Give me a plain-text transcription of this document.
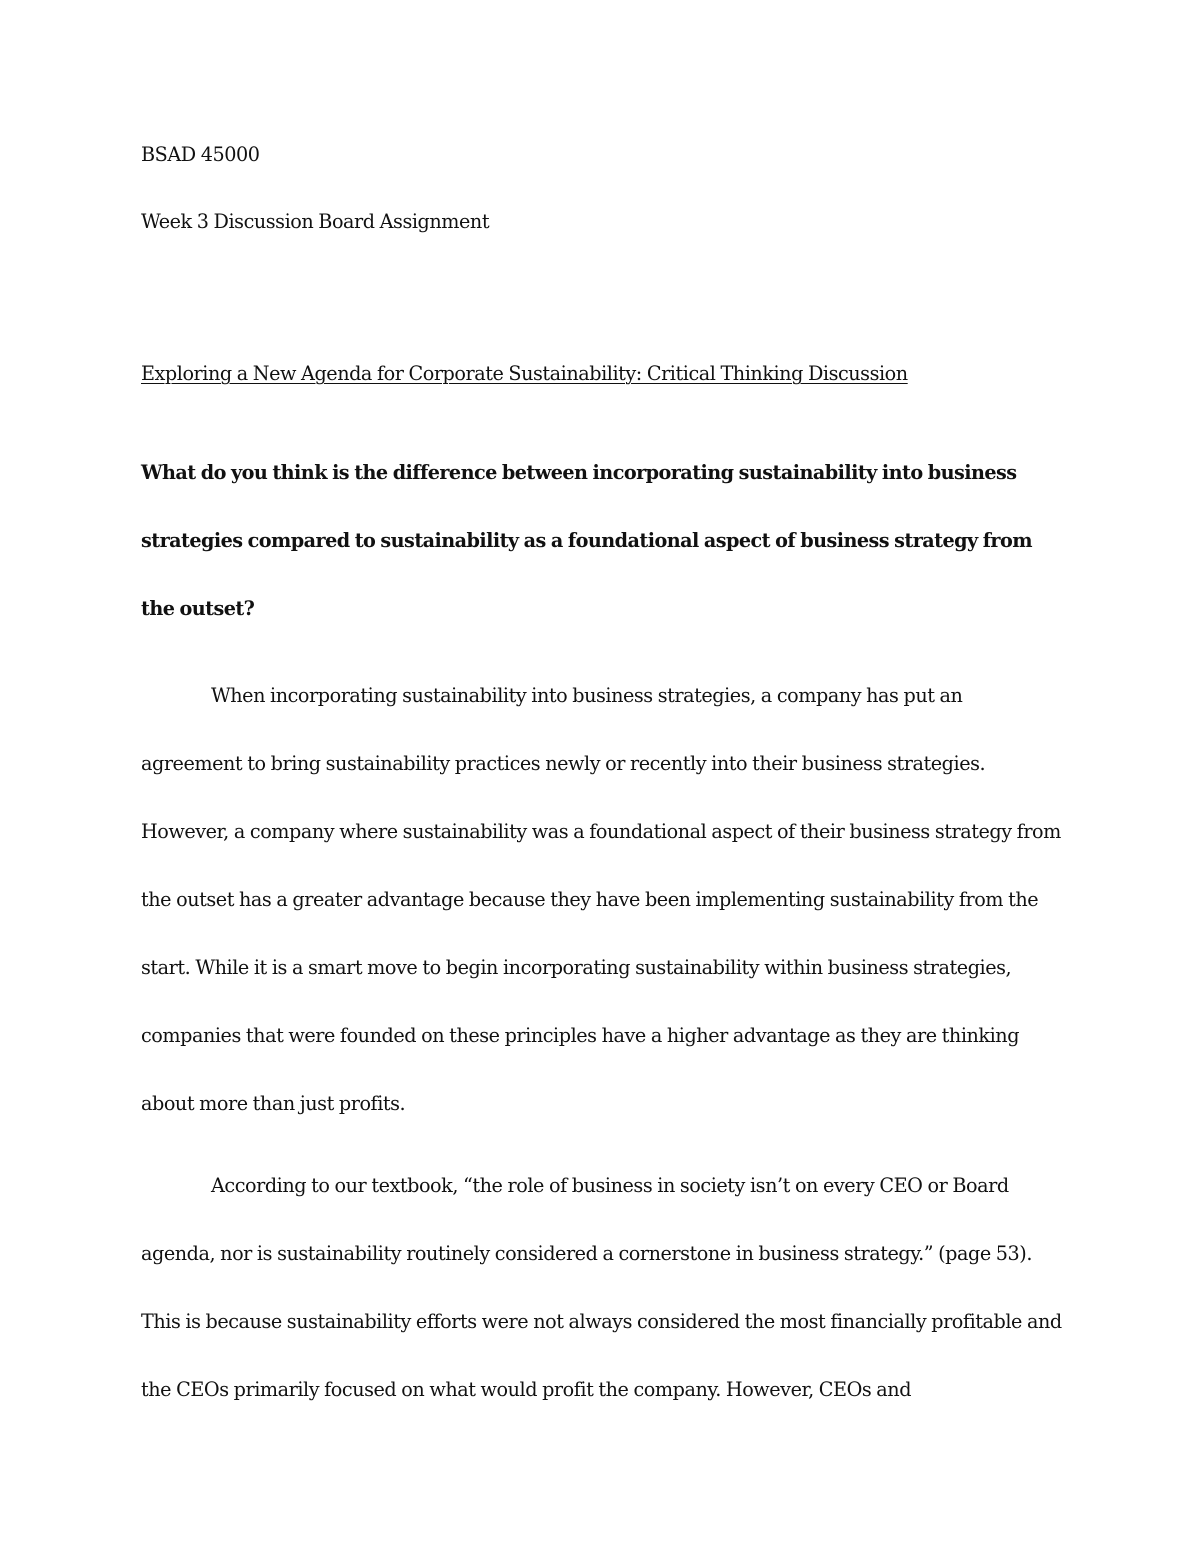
BSAD 45000

Week 3 Discussion Board Assignment

Exploring a New Agenda for Corporate Sustainability: Critical Thinking Discussion

What do you think is the difference between incorporating sustainability into business strategies compared to sustainability as a foundational aspect of business strategy from the outset?

When incorporating sustainability into business strategies, a company has put an agreement to bring sustainability practices newly or recently into their business strategies. However, a company where sustainability was a foundational aspect of their business strategy from the outset has a greater advantage because they have been implementing sustainability from the start. While it is a smart move to begin incorporating sustainability within business strategies, companies that were founded on these principles have a higher advantage as they are thinking about more than just profits.

According to our textbook, “the role of business in society isn’t on every CEO or Board agenda, nor is sustainability routinely considered a cornerstone in business strategy.” (page 53). This is because sustainability efforts were not always considered the most financially profitable and the CEOs primarily focused on what would profit the company. However, CEOs and
